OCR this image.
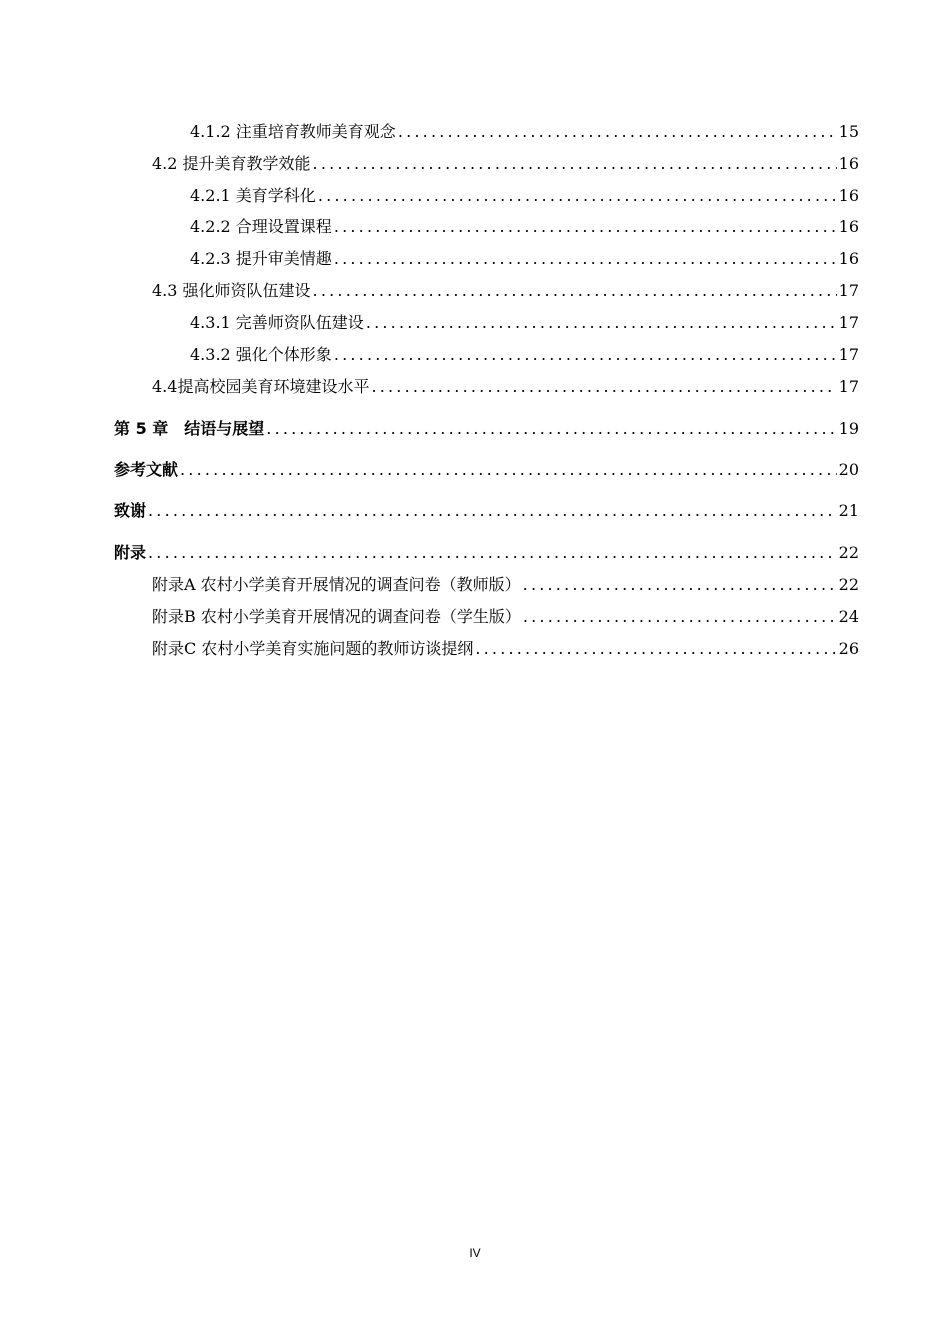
4.1.2 注重培育教师美育观念 .....	15
4.2 提升美育教学效能 .....	16
4.2.1 美育学科化 .....	16
4.2.2 合理设置课程 .....	16
4.2.3 提升审美情趣 .....	16
4.3 强化师资队伍建设 .....	17
4.3.1 完善师资队伍建设 .....	17
4.3.2 强化个体形象 .....	17
4.4提高校园美育环境建设水平 .....	17
第 5 章　结语与展望 .....	19
参考文献 .....	20
致谢 .....	21
附录 .....	22
附录A 农村小学美育开展情况的调查问卷（教师版） .....	22
附录B 农村小学美育开展情况的调查问卷（学生版） .....	24
附录C 农村小学美育实施问题的教师访谈提纲 .....	26
IV
